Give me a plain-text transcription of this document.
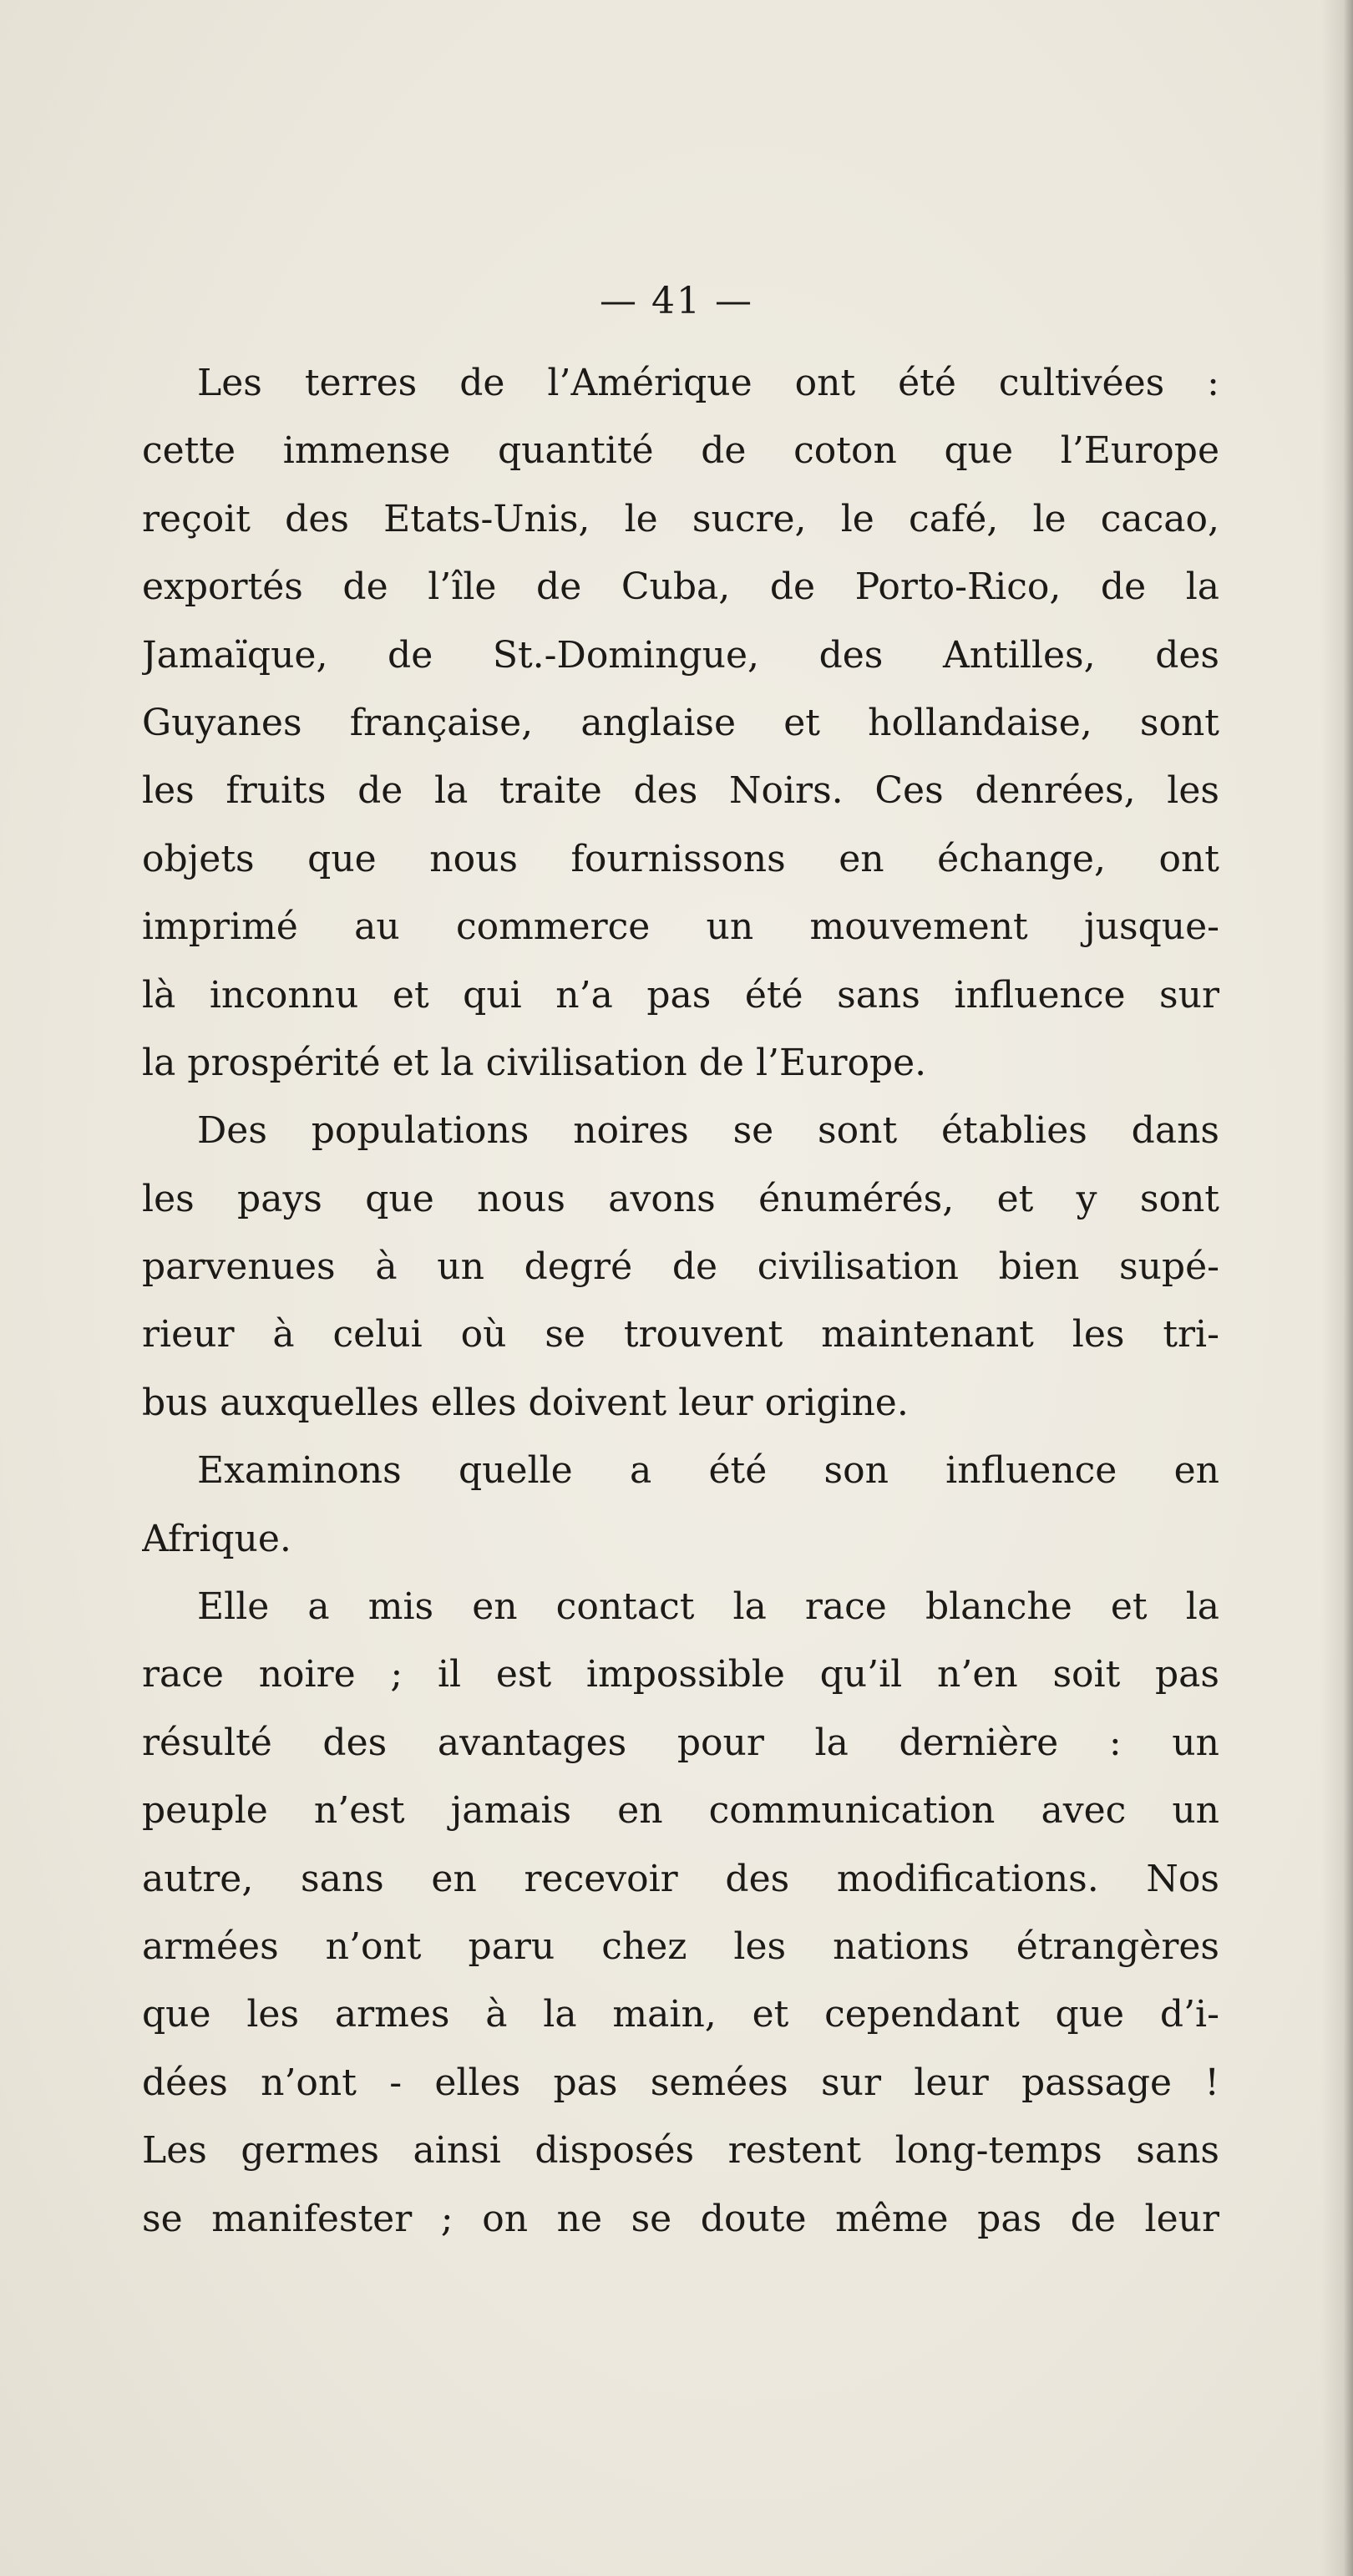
— 41 —
Les terres de l’Amérique ont été cultivées :
cette immense quantité de coton que l’Europe
reçoit des Etats-Unis, le sucre, le café, le cacao,
exportés de l’île de Cuba, de Porto-Rico, de la
Jamaïque, de St.-Domingue, des Antilles, des
Guyanes française, anglaise et hollandaise, sont
les fruits de la traite des Noirs. Ces denrées, les
objets que nous fournissons en échange, ont
imprimé au commerce un mouvement jusque-
là inconnu et qui n’a pas été sans influence sur
la prospérité et la civilisation de l’Europe.
Des populations noires se sont établies dans
les pays que nous avons énumérés, et y sont
parvenues à un degré de civilisation bien supé-
rieur à celui où se trouvent maintenant les tri-
bus auxquelles elles doivent leur origine.
Examinons quelle a été son influence en
Afrique.
Elle a mis en contact la race blanche et la
race noire ; il est impossible qu’il n’en soit pas
résulté des avantages pour la dernière : un
peuple n’est jamais en communication avec un
autre, sans en recevoir des modifications. Nos
armées n’ont paru chez les nations étrangères
que les armes à la main, et cependant que d’i-
dées n’ont - elles pas semées sur leur passage !
Les germes ainsi disposés restent long-temps sans
se manifester ; on ne se doute même pas de leur
